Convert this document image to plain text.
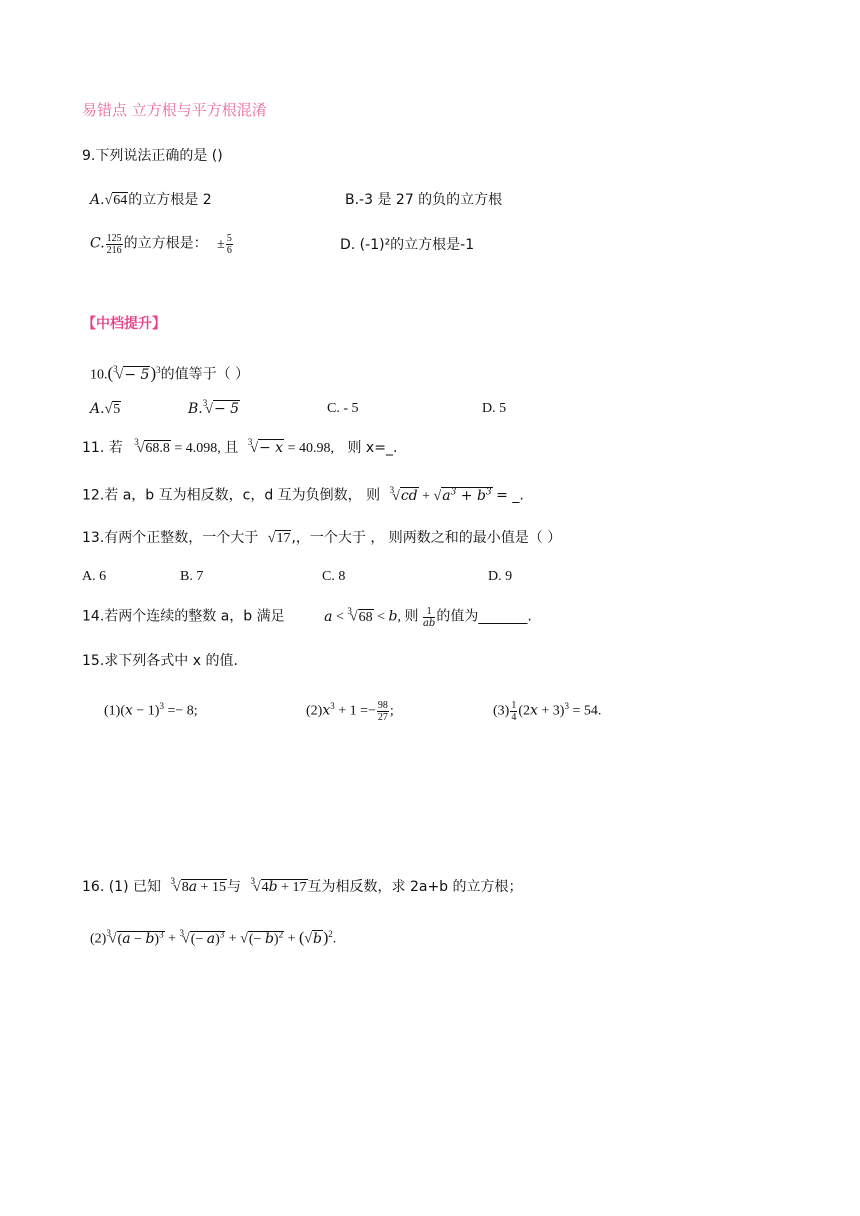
易错点 立方根与平方根混淆
9.下列说法正确的是 ()
A.√64的立方根是 2	B.-3 是 27 的负的立方根
C. $\frac{125}{216}$ 的立方根是： ± $\frac{5}{6}$	D. (-1)²的立方根是-1
【中档提升】
$10.(^3√- 5)^3$的值等于（ ）
A.√5	B.$^3$√− 5	C. - 5	D. 5
11. 若 $^3$√68.8 = 4.098, 且 $^3$√− x = 40.98, 则 x=_.
12.若 a，b 互为相反数，c，d 互为负倒数， 则 $^3√cd + √a^3 + b^3$ = _.
13.有两个正整数，一个大于 √17,，一个大于 ， 则两数之和的最小值是（ ）
A. 6	B. 7	C. 8	D. 9
14.若两个连续的整数 a，b 满足	a < $^3$√68 < b, 则 $\frac{1}{ab}$ 的值为_______.
15.求下列各式中 x 的值.
$(1)(x - 1)^3 =- 8$;	$(2)x^3 + 1 =- \frac{98}{27}$ ;	$(3) \frac{1}{4} (2x + 3)^3 = 54$.
16. (1) 已知 $^3$√8a + 15与 $^3$√4b + 17互为相反数，求 2a+b 的立方根；
$(2)^3√(a - b)^3 + ^3√(- a)^3$ + √(− $b)^2 + (√b)^2$.
